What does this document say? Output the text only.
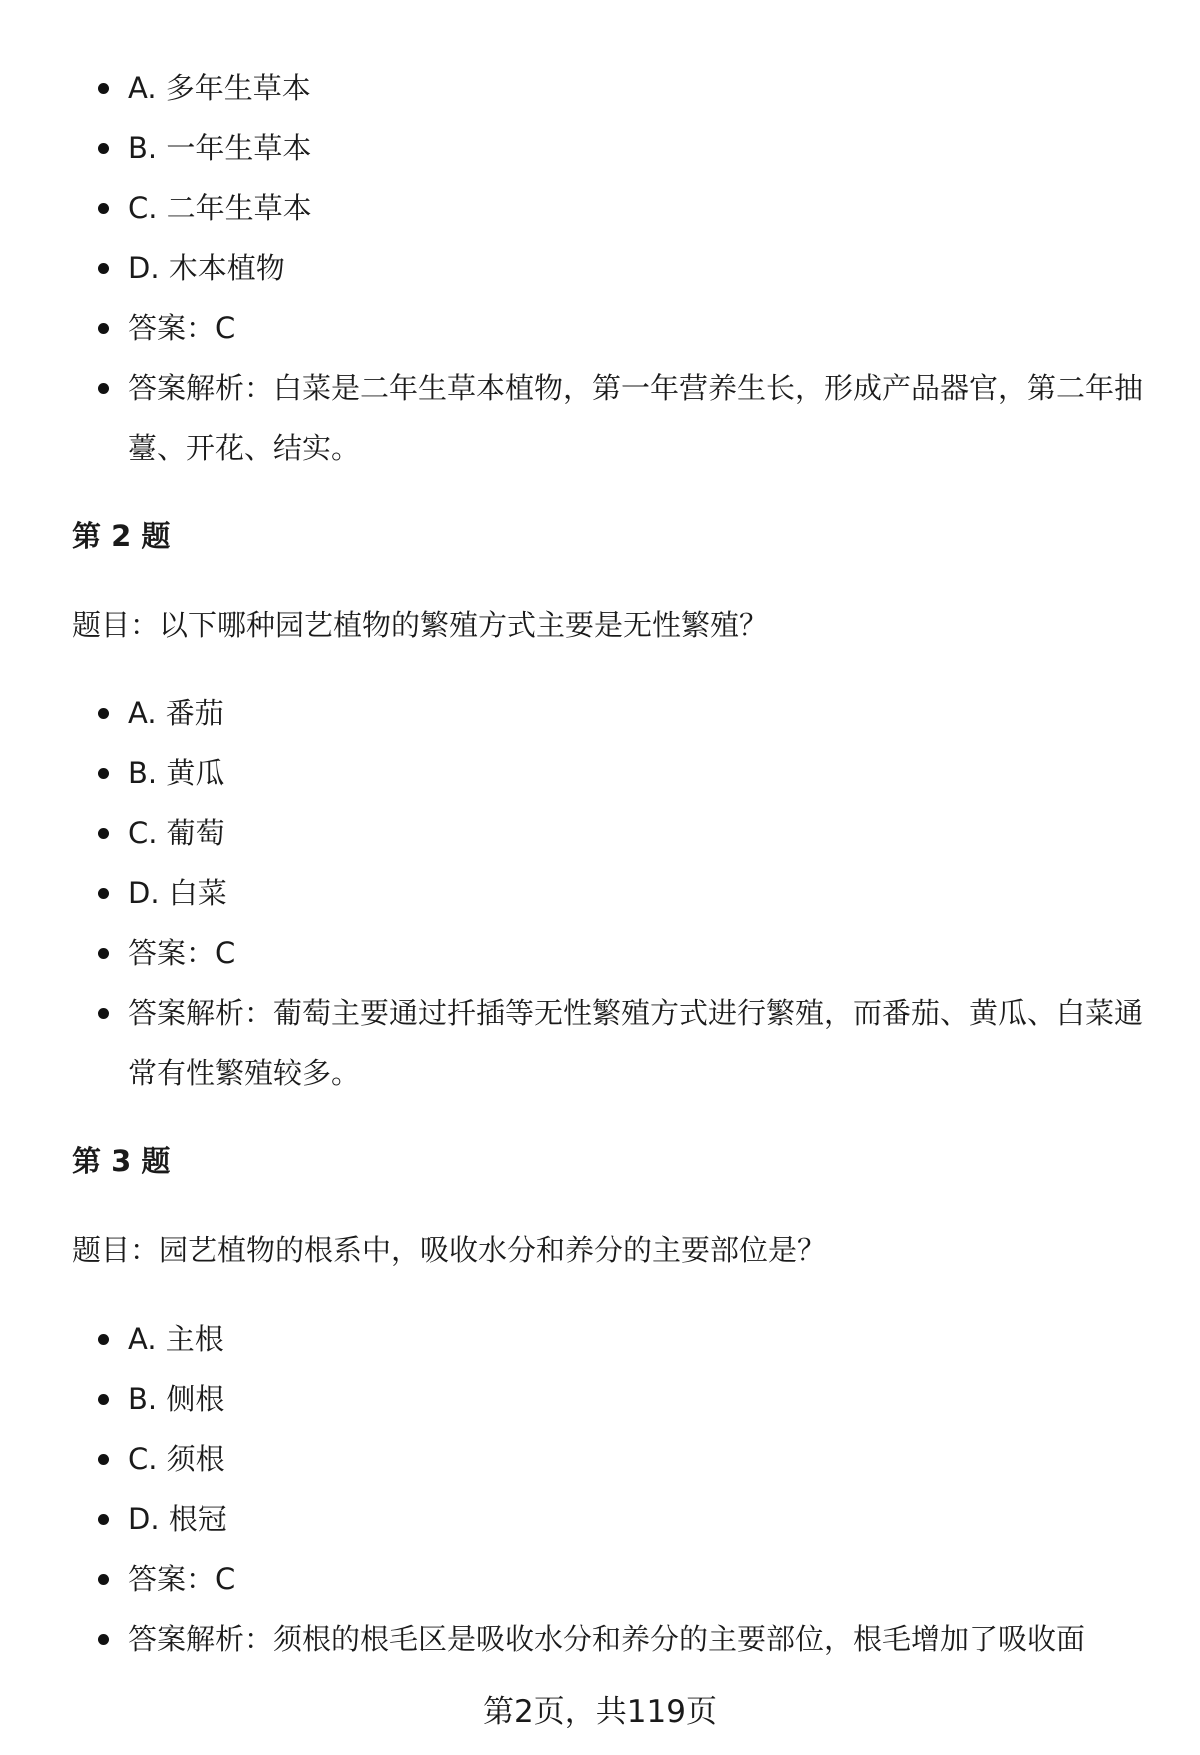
A. 多年生草本
B. 一年生草本
C. 二年生草本
D. 木本植物
答案：C
答案解析：白菜是二年生草本植物，第一年营养生长，形成产品器官，第二年抽薹、开花、结实。
第 2 题
题目：以下哪种园艺植物的繁殖方式主要是无性繁殖？
A. 番茄
B. 黄瓜
C. 葡萄
D. 白菜
答案：C
答案解析：葡萄主要通过扦插等无性繁殖方式进行繁殖，而番茄、黄瓜、白菜通常有性繁殖较多。
第 3 题
题目：园艺植物的根系中，吸收水分和养分的主要部位是？
A. 主根
B. 侧根
C. 须根
D. 根冠
答案：C
答案解析：须根的根毛区是吸收水分和养分的主要部位，根毛增加了吸收面
第2页，共119页
